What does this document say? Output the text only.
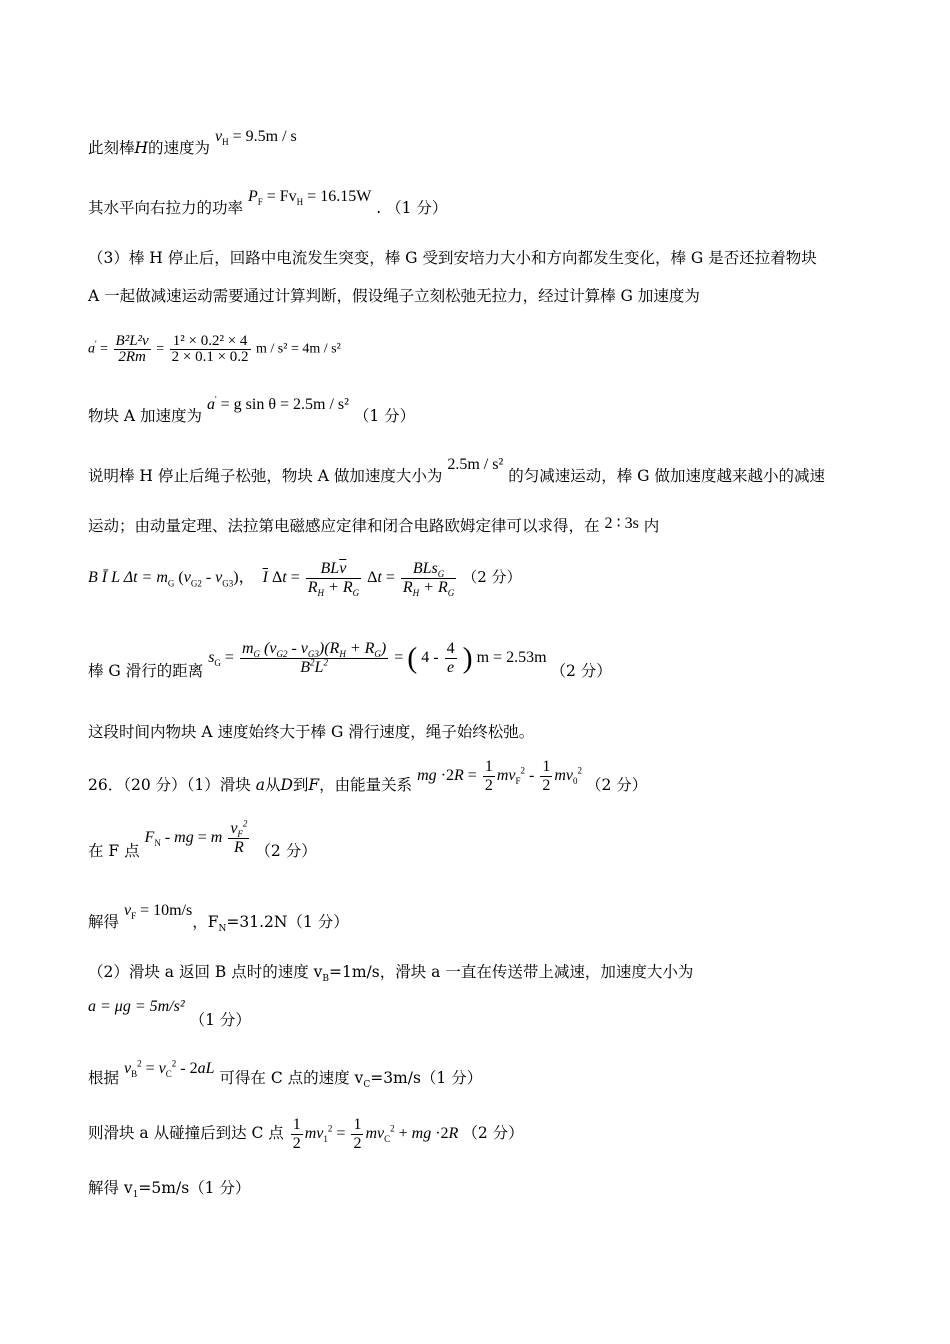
此刻棒H的速度为 $v_H = 9.5m / s$
其水平向右拉力的功率 $P_F = Fv_H = 16.15W$ . （1 分）
（3）棒 H 停止后，回路中电流发生突变，棒 G 受到安培力大小和方向都发生变化，棒 G 是否还拉着物块
A 一起做减速运动需要通过计算判断，假设绳子立刻松弛无拉力，经过计算棒 G 加速度为
$a' = \frac{\text{B²L²v}}{2Rm} = \frac{\text{1² × 0.2² × 4}}{2 \times 0.1 \times 0.2}$ m / s² = 4m / s²
物块 A 加速度为 a' = g sin θ = 2.5m / s² （1 分）
说明棒 H 停止后绳子松弛，物块 A 做加速度大小为 2.5m / s² 的匀减速运动，棒 G 做加速度越来越小的减速
运动；由动量定理、法拉第电磁感应定律和闭合电路欧姆定律可以求得，在 2 ∶ 3s 内
B Ī L $\Delta t = m_G$ $(v_{G2} - v_{G3})$，  $\overline{I}$ $\Delta t = \frac{BL\overline{v}}{R_H + R_G}$ $\Delta t = \frac{BLs_G}{R_H + R_G} (2$ 分）
棒 G 滑行的距离 $s_G = \frac{m_G (v_{G2} - v_{G3})(R_H + R_G)}{B^2L^2}$ = ( $4 - \frac{4}{e}$ ) m = 2.53m （2 分）
这段时间内物块 A 速度始终大于棒 G 滑行速度，绳子始终松弛。
26．（20 分）（1）滑块 a从D到F，由能量关系 mg $\cdot 2R = \frac{1}{2} mv_F^2 - \frac{1}{2} mv_0^2$ （2 分）
在 F 点 $F_N$ - mg = m $\frac{v_F^2}{R} (2$ 分）
解得 $v_F = 10m/s$，$F_N=31.2N(1$ 分）
（2）滑块 a 返回 B 点时的速度 $v_B=1m/s$，滑块 a 一直在传送带上减速，加速度大小为
a = μg = 5m/s² （1 分）
根据 $v_B^2 = v_C^2 - 2aL$ 可得在 C 点的速度 $v_C=3m/s(1$ 分）
则滑块 a 从碰撞后到达 C 点 $\frac{1}{2} mv_1^2 = \frac{1}{2} mv_C^2$ + mg ·2R （2 分）
解得 $v_1=5m/s(1$ 分）
